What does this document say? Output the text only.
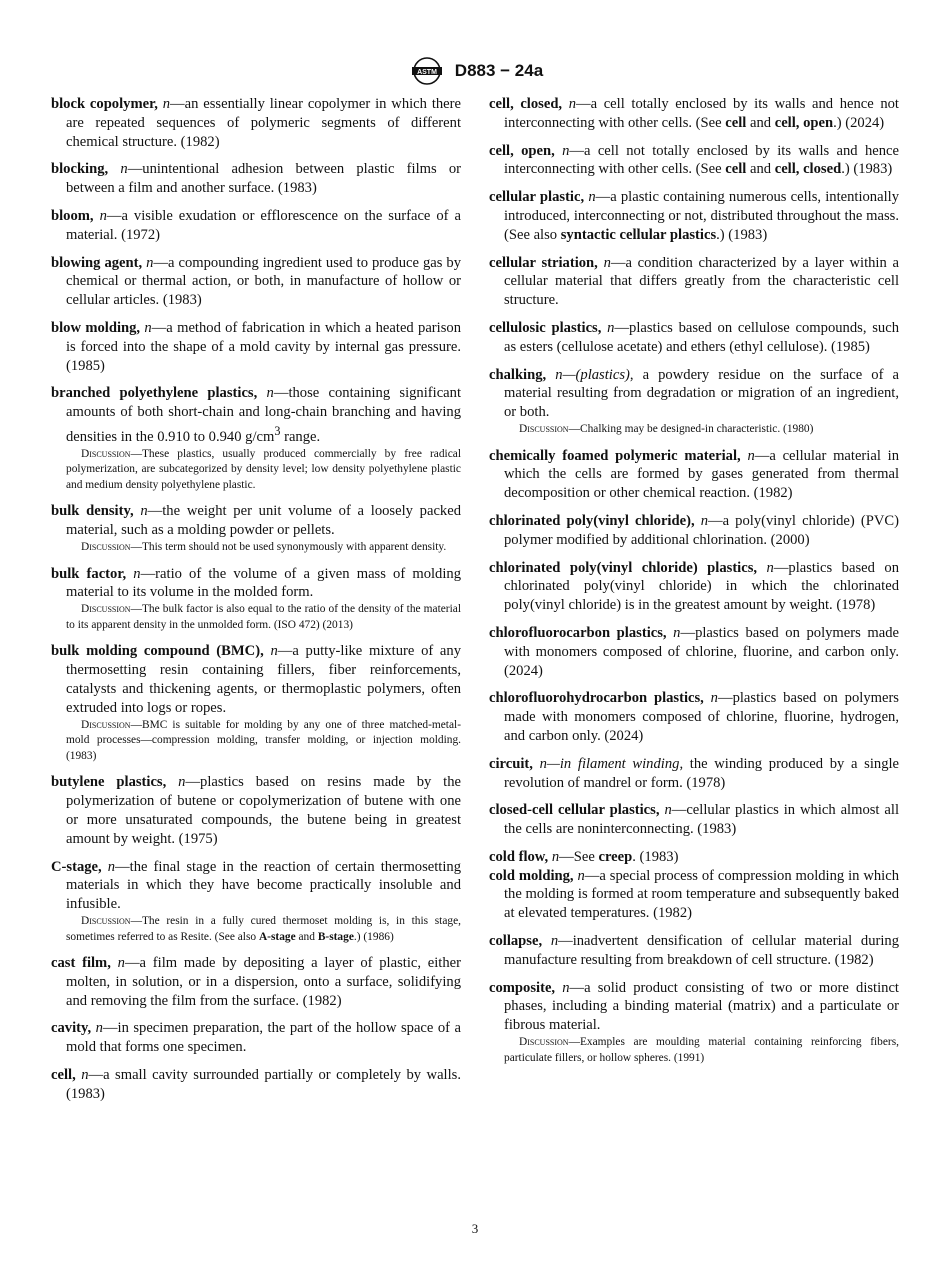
ASTM D883 − 24a
block copolymer, n—an essentially linear copolymer in which there are repeated sequences of polymeric segments of different chemical structure. (1982)
blocking, n—unintentional adhesion between plastic films or between a film and another surface. (1983)
bloom, n—a visible exudation or efflorescence on the surface of a material. (1972)
blowing agent, n—a compounding ingredient used to produce gas by chemical or thermal action, or both, in manufacture of hollow or cellular articles. (1983)
blow molding, n—a method of fabrication in which a heated parison is forced into the shape of a mold cavity by internal gas pressure. (1985)
branched polyethylene plastics, n—those containing significant amounts of both short-chain and long-chain branching and having densities in the 0.910 to 0.940 $g/cm^3$ range.
Discussion—These plastics, usually produced commercially by free radical polymerization, are subcategorized by density level; low density polyethylene plastic and medium density polyethylene plastic.
bulk density, n—the weight per unit volume of a loosely packed material, such as a molding powder or pellets.
Discussion—This term should not be used synonymously with apparent density.
bulk factor, n—ratio of the volume of a given mass of molding material to its volume in the molded form.
Discussion—The bulk factor is also equal to the ratio of the density of the material to its apparent density in the unmolded form. (ISO 472) (2013)
bulk molding compound (BMC), n—a putty-like mixture of any thermosetting resin containing fillers, fiber reinforcements, catalysts and thickening agents, or thermoplastic polymers, often extruded into logs or ropes.
Discussion—BMC is suitable for molding by any one of three matched-metal-mold processes—compression molding, transfer molding, or injection molding. (1983)
butylene plastics, n—plastics based on resins made by the polymerization of butene or copolymerization of butene with one or more unsaturated compounds, the butene being in greatest amount by weight. (1975)
C-stage, n—the final stage in the reaction of certain thermosetting materials in which they have become practically insoluble and infusible.
Discussion—The resin in a fully cured thermoset molding is, in this stage, sometimes referred to as Resite. (See also A-stage and B-stage.) (1986)
cast film, n—a film made by depositing a layer of plastic, either molten, in solution, or in a dispersion, onto a surface, solidifying and removing the film from the surface. (1982)
cavity, n—in specimen preparation, the part of the hollow space of a mold that forms one specimen.
cell, n—a small cavity surrounded partially or completely by walls. (1983)
cell, closed, n—a cell totally enclosed by its walls and hence not interconnecting with other cells. (See cell and cell, open.) (2024)
cell, open, n—a cell not totally enclosed by its walls and hence interconnecting with other cells. (See cell and cell, closed.) (1983)
cellular plastic, n—a plastic containing numerous cells, intentionally introduced, interconnecting or not, distributed throughout the mass. (See also syntactic cellular plastics.) (1983)
cellular striation, n—a condition characterized by a layer within a cellular material that differs greatly from the characteristic cell structure.
cellulosic plastics, n—plastics based on cellulose compounds, such as esters (cellulose acetate) and ethers (ethyl cellulose). (1985)
chalking, n—(plastics), a powdery residue on the surface of a material resulting from degradation or migration of an ingredient, or both.
Discussion—Chalking may be designed-in characteristic. (1980)
chemically foamed polymeric material, n—a cellular material in which the cells are formed by gases generated from thermal decomposition or other chemical reaction. (1982)
chlorinated poly(vinyl chloride), n—a poly(vinyl chloride) (PVC) polymer modified by additional chlorination. (2000)
chlorinated poly(vinyl chloride) plastics, n—plastics based on chlorinated poly(vinyl chloride) in which the chlorinated poly(vinyl chloride) is in the greatest amount by weight. (1978)
chlorofluorocarbon plastics, n—plastics based on polymers made with monomers composed of chlorine, fluorine, and carbon only. (2024)
chlorofluorohydrocarbon plastics, n—plastics based on polymers made with monomers composed of chlorine, fluorine, hydrogen, and carbon only. (2024)
circuit, n—in filament winding, the winding produced by a single revolution of mandrel or form. (1978)
closed-cell cellular plastics, n—cellular plastics in which almost all the cells are noninterconnecting. (1983)
cold flow, n—See creep. (1983)
cold molding, n—a special process of compression molding in which the molding is formed at room temperature and subsequently baked at elevated temperatures. (1982)
collapse, n—inadvertent densification of cellular material during manufacture resulting from breakdown of cell structure. (1982)
composite, n—a solid product consisting of two or more distinct phases, including a binding material (matrix) and a particulate or fibrous material.
Discussion—Examples are moulding material containing reinforcing fibers, particulate fillers, or hollow spheres. (1991)
3
